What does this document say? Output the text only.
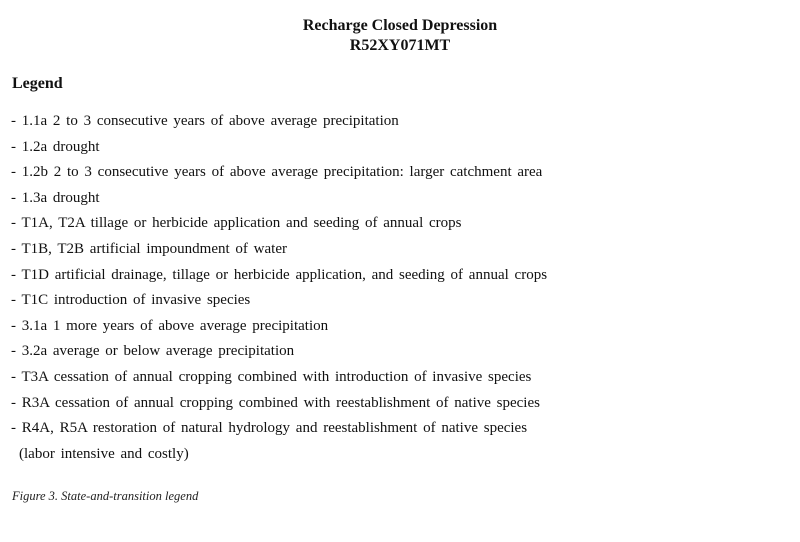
Recharge Closed Depression

R52XY071MT

Legend

- 1.1a 2 to 3 consecutive years of above average precipitation
- 1.2a drought
- 1.2b 2 to 3 consecutive years of above average precipitation: larger catchment area
- 1.3a drought
- T1A, T2A tillage or herbicide application and seeding of annual crops
- T1B, T2B artificial impoundment of water
- T1D artificial drainage, tillage or herbicide application, and seeding of annual crops
- T1C introduction of invasive species
- 3.1a 1 more years of above average precipitation
- 3.2a average or below average precipitation
- T3A cessation of annual cropping combined with introduction of invasive species
- R3A cessation of annual cropping combined with reestablishment of native species
- R4A, R5A restoration of natural hydrology and reestablishment of native species
(labor intensive and costly)

Figure 3. State-and-transition legend
